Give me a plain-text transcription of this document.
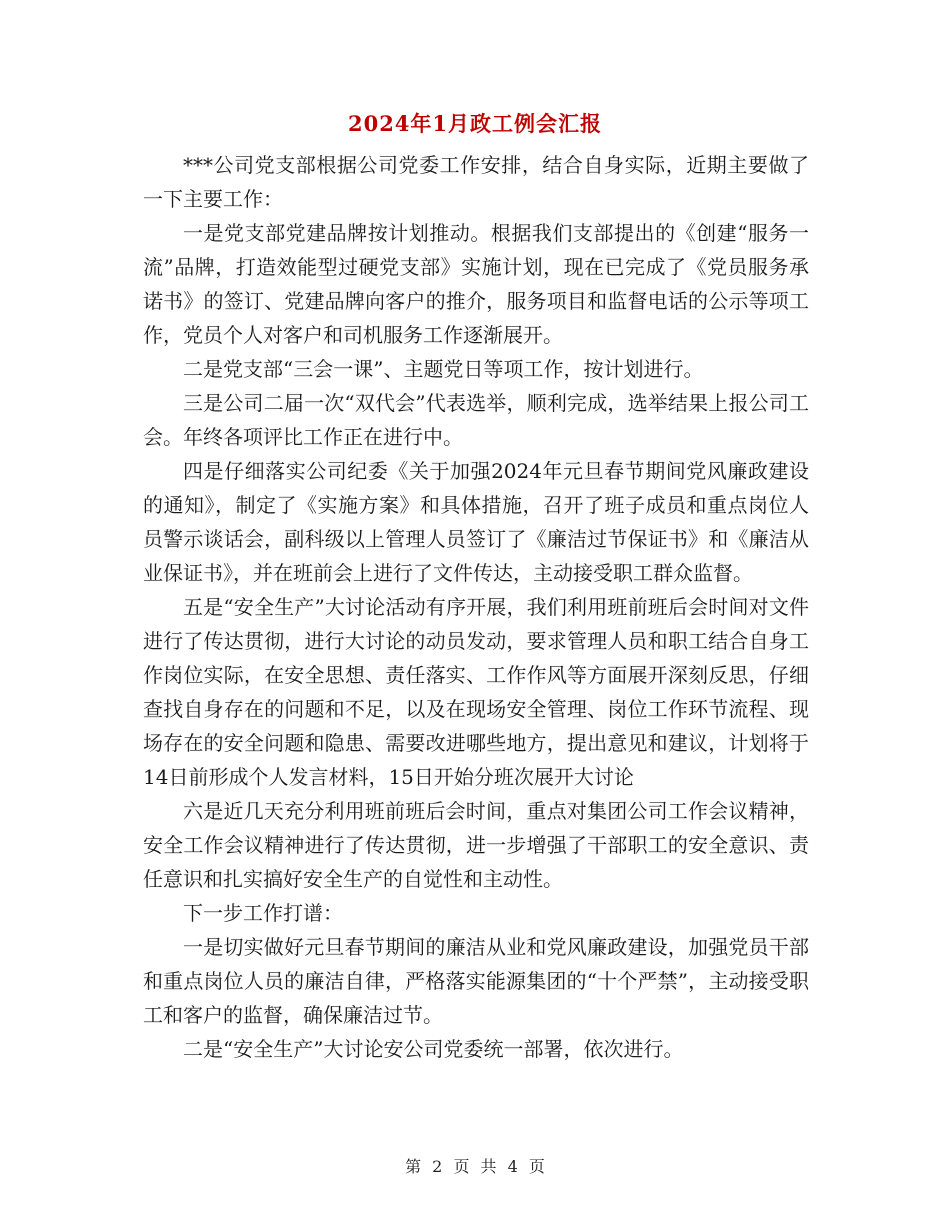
2024年1月政工例会汇报

***公司党支部根据公司党委工作安排，结合自身实际，近期主要做了一下主要工作：

一是党支部党建品牌按计划推动。根据我们支部提出的《创建“服务一流”品牌，打造效能型过硬党支部》实施计划，现在已完成了《党员服务承诺书》的签订、党建品牌向客户的推介，服务项目和监督电话的公示等项工作，党员个人对客户和司机服务工作逐渐展开。

二是党支部“三会一课”、主题党日等项工作，按计划进行。

三是公司二届一次“双代会”代表选举，顺利完成，选举结果上报公司工会。年终各项评比工作正在进行中。

四是仔细落实公司纪委《关于加强2024年元旦春节期间党风廉政建设的通知》，制定了《实施方案》和具体措施，召开了班子成员和重点岗位人员警示谈话会，副科级以上管理人员签订了《廉洁过节保证书》和《廉洁从业保证书》，并在班前会上进行了文件传达，主动接受职工群众监督。

五是“安全生产”大讨论活动有序开展，我们利用班前班后会时间对文件进行了传达贯彻，进行大讨论的动员发动，要求管理人员和职工结合自身工作岗位实际，在安全思想、责任落实、工作作风等方面展开深刻反思，仔细查找自身存在的问题和不足，以及在现场安全管理、岗位工作环节流程、现场存在的安全问题和隐患、需要改进哪些地方，提出意见和建议，计划将于14日前形成个人发言材料，15日开始分班次展开大讨论

六是近几天充分利用班前班后会时间，重点对集团公司工作会议精神，安全工作会议精神进行了传达贯彻，进一步增强了干部职工的安全意识、责任意识和扎实搞好安全生产的自觉性和主动性。

下一步工作打谱：

一是切实做好元旦春节期间的廉洁从业和党风廉政建设，加强党员干部和重点岗位人员的廉洁自律，严格落实能源集团的“十个严禁”，主动接受职工和客户的监督，确保廉洁过节。

二是“安全生产”大讨论安公司党委统一部署，依次进行。

第 2 页 共 4 页
